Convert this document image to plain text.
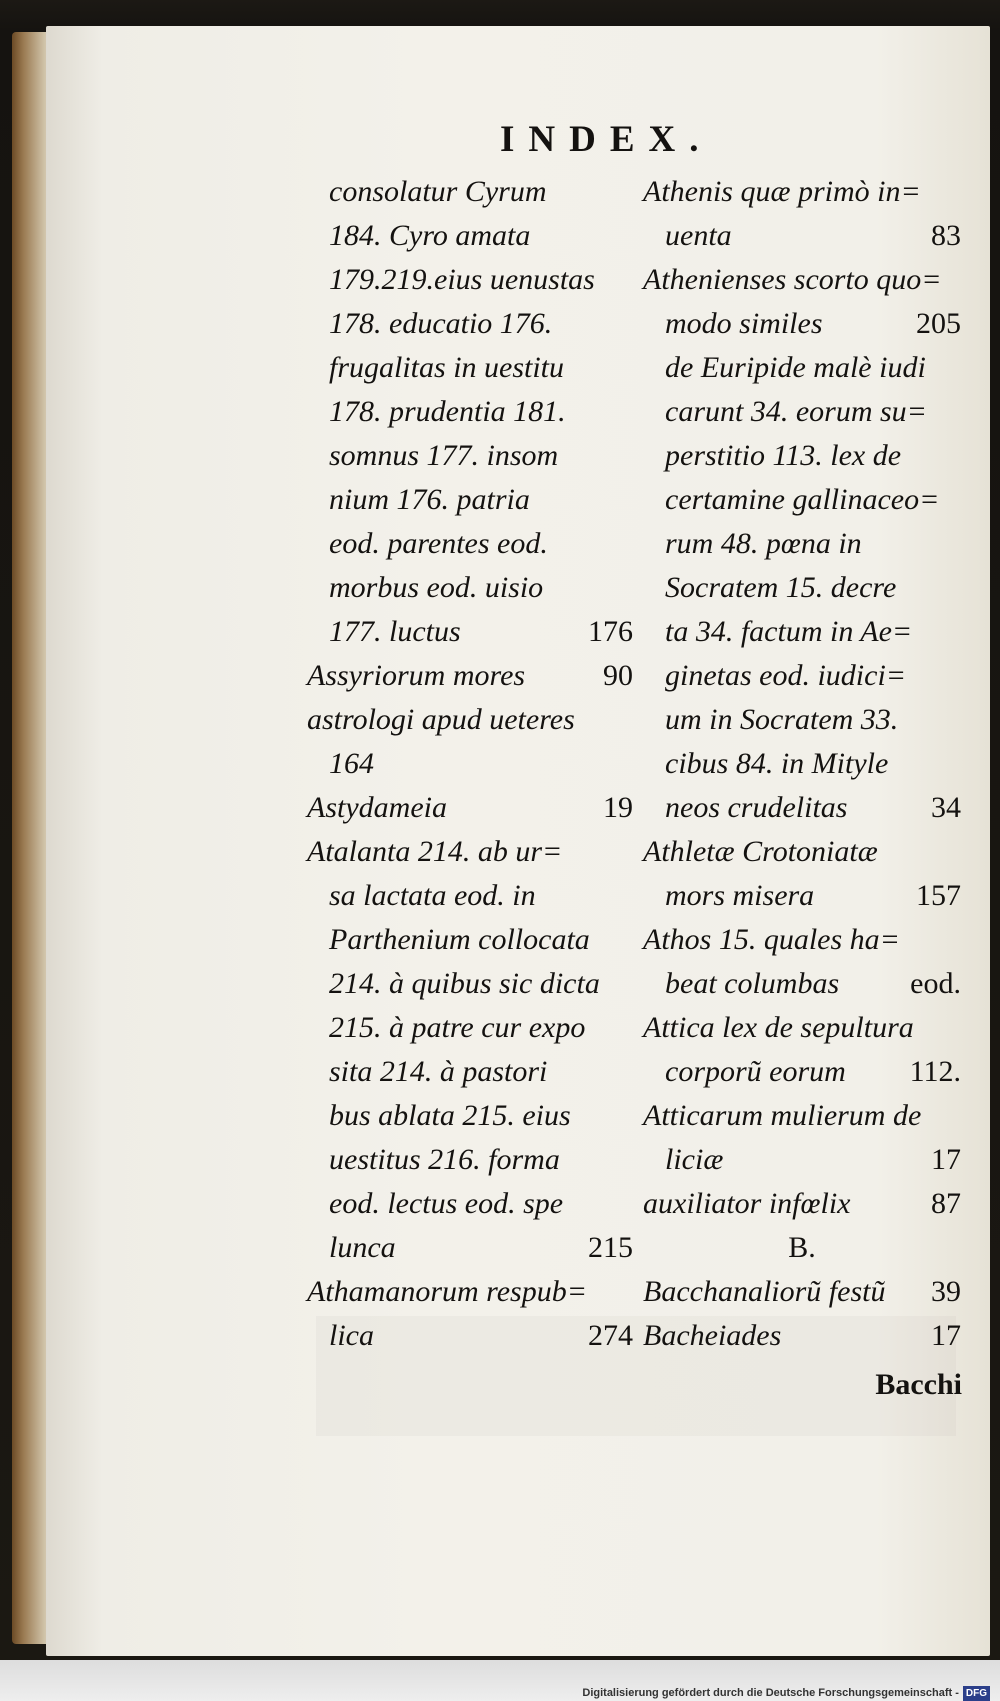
INDEX.
consolatur Cyrum
184. Cyro amata
179.219.eius uenustas
178. educatio 176.
frugalitas in uestitu
178. prudentia 181.
somnus 177. insom
nium 176. patria
eod. parentes eod.
morbus eod. uisio
177. luctus	176
Assyriorum mores	90
astrologi apud ueteres
164
Astydameia	19
Atalanta 214. ab ur=
sa lactata eod. in
Parthenium collocata
214. à quibus sic dicta
215. à patre cur expo
sita 214. à pastori
bus ablata 215. eius
uestitus 216. forma
eod. lectus eod. spe
lunca	215
Athamanorum respub=
lica	274
Athenis quæ primò in=
uenta	83
Athenienses scorto quo=
modo similes	205
de Euripide malè iudi
carunt 34. eorum su=
perstitio 113. lex de
certamine gallinaceo=
rum 48. pœna in
Socratem 15. decre
ta 34. factum in Ae=
ginetas eod. iudici=
um in Socratem 33.
cibus 84. in Mityle
neos crudelitas	34
Athletæ Crotoniatæ
mors misera	157
Athos 15. quales ha=
beat columbas eod.
Attica lex de sepultura
corporũ eorum 112.
Atticarum mulierum de
liciæ	17
auxiliator infœlix	87
B.
Bacchanaliorũ festũ 39
Bacheiades	17
Bacchi
Digitalisierung gefördert durch die Deutsche Forschungsgemeinschaft - DFG
